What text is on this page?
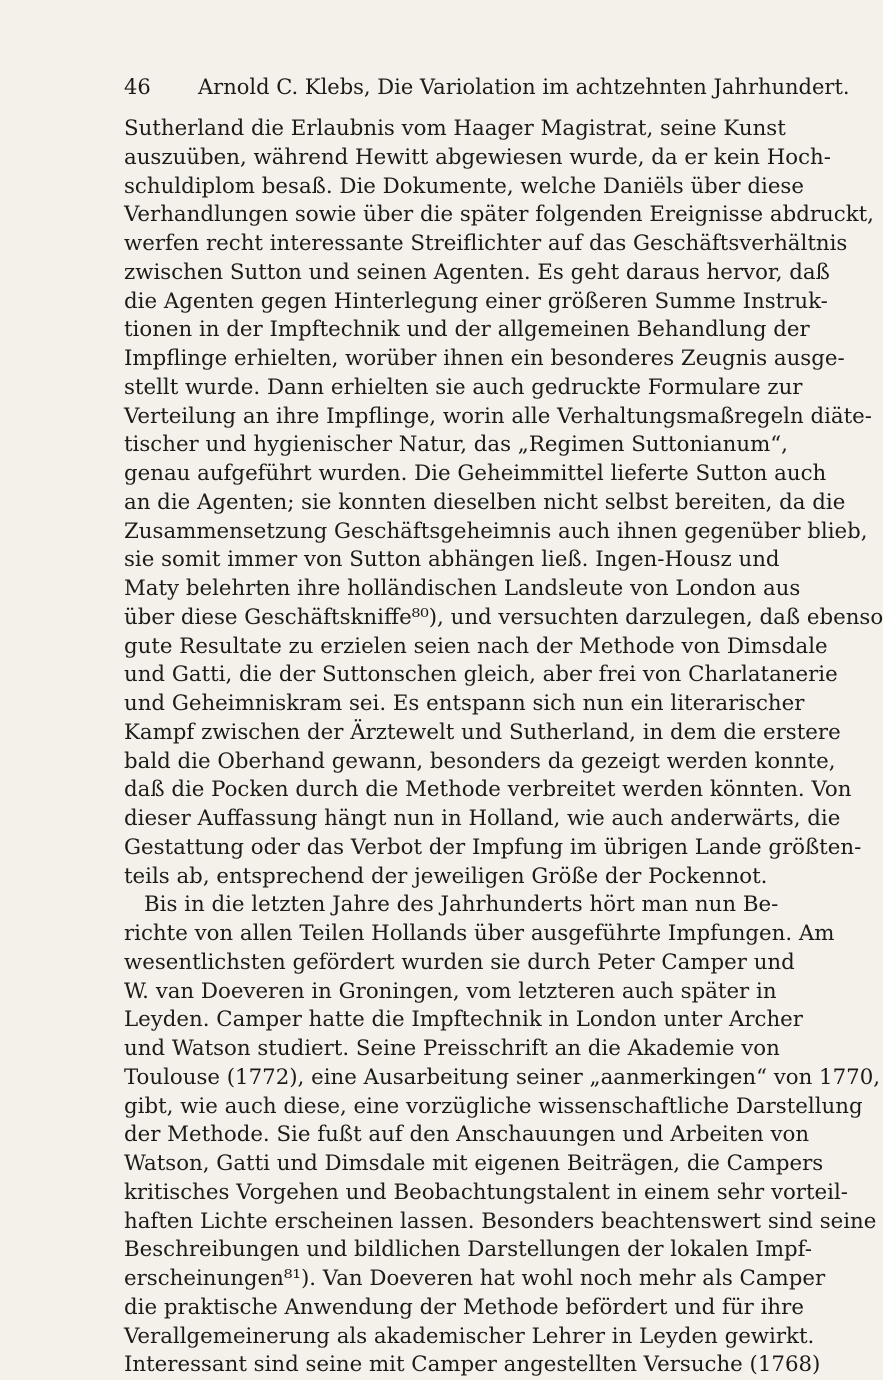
46 Arnold C. Klebs, Die Variolation im achtzehnten Jahrhundert.
Sutherland die Erlaubnis vom Haager Magistrat, seine Kunst
auszuüben, während Hewitt abgewiesen wurde, da er kein Hoch-
schuldiplom besaß. Die Dokumente, welche Daniëls über diese
Verhandlungen sowie über die später folgenden Ereignisse abdruckt,
werfen recht interessante Streiflichter auf das Geschäftsverhältnis
zwischen Sutton und seinen Agenten. Es geht daraus hervor, daß
die Agenten gegen Hinterlegung einer größeren Summe Instruk-
tionen in der Impftechnik und der allgemeinen Behandlung der
Impflinge erhielten, worüber ihnen ein besonderes Zeugnis ausge-
stellt wurde. Dann erhielten sie auch gedruckte Formulare zur
Verteilung an ihre Impflinge, worin alle Verhaltungsmaßregeln diäte-
tischer und hygienischer Natur, das „Regimen Suttonianum“,
genau aufgeführt wurden. Die Geheimmittel lieferte Sutton auch
an die Agenten; sie konnten dieselben nicht selbst bereiten, da die
Zusammensetzung Geschäftsgeheimnis auch ihnen gegenüber blieb,
sie somit immer von Sutton abhängen ließ. Ingen-Housz und
Maty belehrten ihre holländischen Landsleute von London aus
über diese Geschäftskniffe⁸⁰), und versuchten darzulegen, daß ebenso
gute Resultate zu erzielen seien nach der Methode von Dimsdale
und Gatti, die der Suttonschen gleich, aber frei von Charlatanerie
und Geheimniskram sei. Es entspann sich nun ein literarischer
Kampf zwischen der Ärztewelt und Sutherland, in dem die erstere
bald die Oberhand gewann, besonders da gezeigt werden konnte,
daß die Pocken durch die Methode verbreitet werden könnten. Von
dieser Auffassung hängt nun in Holland, wie auch anderwärts, die
Gestattung oder das Verbot der Impfung im übrigen Lande größten-
teils ab, entsprechend der jeweiligen Größe der Pockennot.
Bis in die letzten Jahre des Jahrhunderts hört man nun Be-
richte von allen Teilen Hollands über ausgeführte Impfungen. Am
wesentlichsten gefördert wurden sie durch Peter Camper und
W. van Doeveren in Groningen, vom letzteren auch später in
Leyden. Camper hatte die Impftechnik in London unter Archer
und Watson studiert. Seine Preisschrift an die Akademie von
Toulouse (1772), eine Ausarbeitung seiner „aanmerkingen“ von 1770,
gibt, wie auch diese, eine vorzügliche wissenschaftliche Darstellung
der Methode. Sie fußt auf den Anschauungen und Arbeiten von
Watson, Gatti und Dimsdale mit eigenen Beiträgen, die Campers
kritisches Vorgehen und Beobachtungstalent in einem sehr vorteil-
haften Lichte erscheinen lassen. Besonders beachtenswert sind seine
Beschreibungen und bildlichen Darstellungen der lokalen Impf-
erscheinungen⁸¹). Van Doeveren hat wohl noch mehr als Camper
die praktische Anwendung der Methode befördert und für ihre
Verallgemeinerung als akademischer Lehrer in Leyden gewirkt.
Interessant sind seine mit Camper angestellten Versuche (1768)
